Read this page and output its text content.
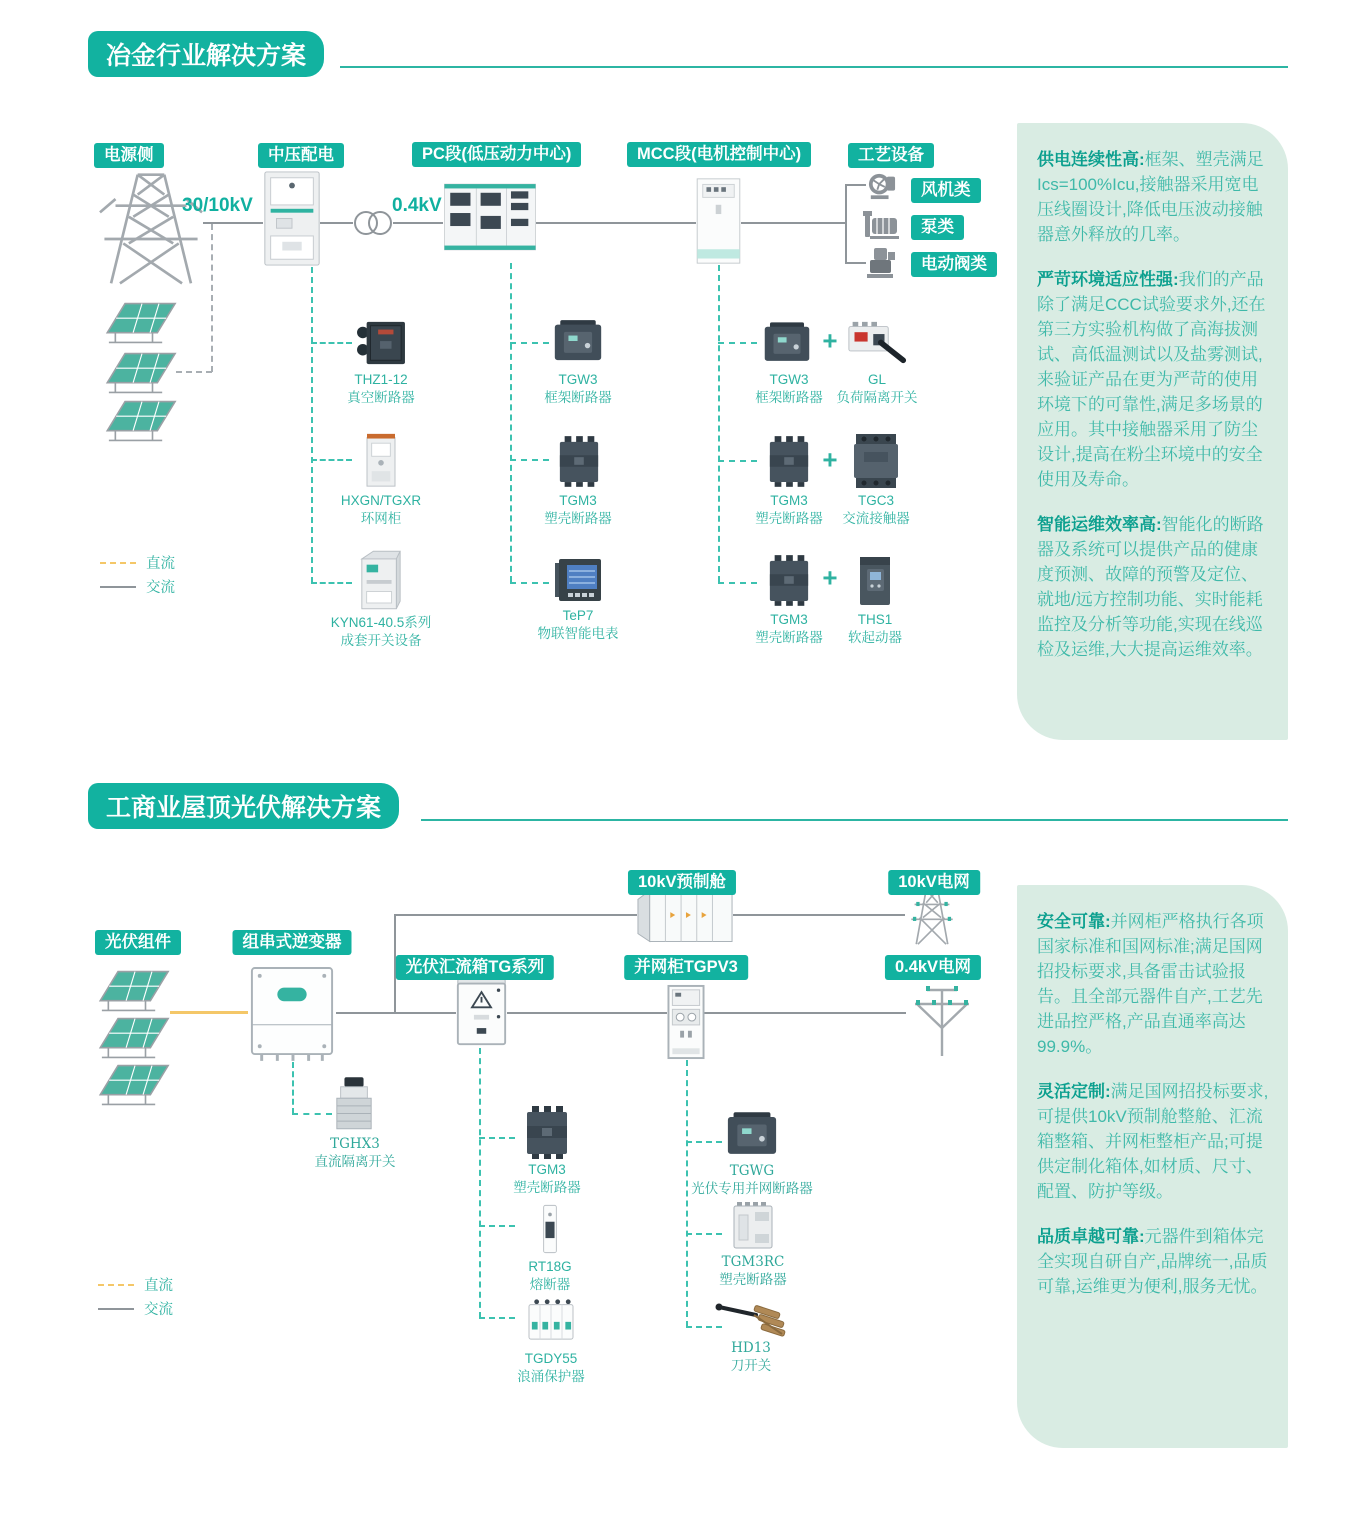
冶金行业解决方案
电源侧	中压配电	PC段(低压动力中心)	MCC段(电机控制中心)	工艺设备
30/10kV	0.4kV
风机类
泵类
电动阀类
THZ1-12
真空断路器
HXGN/TGXR
环网柜
KYN61-40.5系列
成套开关设备
TGW3
框架断路器
TGM3
塑壳断路器
TeP7
物联智能电表
+
TGW3
框架断路器
GL
负荷隔离开关
+
TGM3
塑壳断路器
TGC3
交流接触器
+
TGM3
塑壳断路器
THS1
软起动器
直流
交流

供电连续性高:框架、塑壳满足Ics=100%Icu,接触器采用宽电压线圈设计,降低电压波动接触器意外释放的几率。

严苛环境适应性强:我们的产品除了满足CCC试验要求外,还在第三方实验机构做了高海拔测试、高低温测试以及盐雾测试,来验证产品在更为严苛的使用环境下的可靠性,满足多场景的应用。其中接触器采用了防尘设计,提高在粉尘环境中的安全使用及寿命。

智能运维效率高:智能化的断路器及系统可以提供产品的健康度预测、故障的预警及定位、就地/远方控制功能、实时能耗监控及分析等功能,实现在线巡检及运维,大大提高运维效率。

工商业屋顶光伏解决方案
10kV预制舱	10kV电网
光伏组件	组串式逆变器
光伏汇流箱TG系列	并网柜TGPV3	0.4kV电网
TGHX3
直流隔离开关	TGM3
塑壳断路器
RT18G
熔断器
TGDY55
浪涌保护器
TGWG
光伏专用并网断路器
TGM3RC
塑壳断路器
HD13
刀开关
直流
交流

安全可靠:并网柜严格执行各项国家标准和国网标准;满足国网招投标要求,具备雷击试验报告。且全部元器件自产,工艺先进品控严格,产品直通率高达99.9%。

灵活定制:满足国网招投标要求,可提供10kV预制舱整舱、汇流箱整箱、并网柜整柜产品;可提供定制化箱体,如材质、尺寸、配置、防护等级。

品质卓越可靠:元器件到箱体完全实现自研自产,品牌统一,品质可靠,运维更为便利,服务无忧。
